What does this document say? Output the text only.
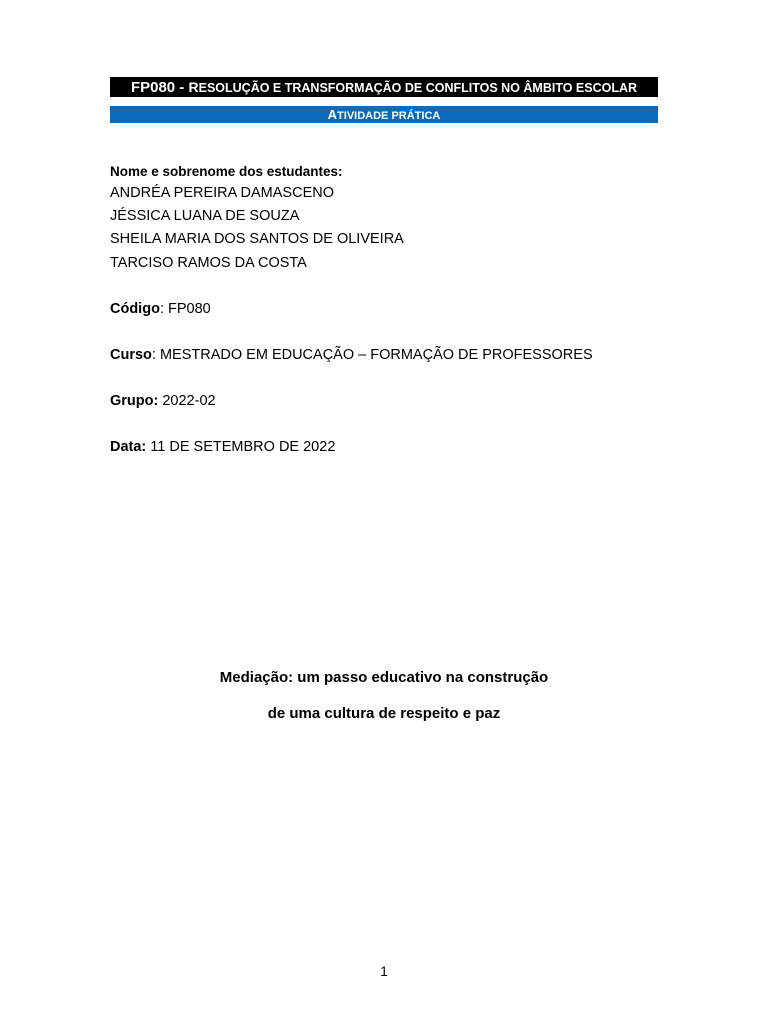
FP080 - RESOLUÇÃO E TRANSFORMAÇÃO DE CONFLITOS NO ÂMBITO ESCOLAR
ATIVIDADE PRÁTICA
Nome e sobrenome dos estudantes:
ANDRÉA PEREIRA DAMASCENO
JÉSSICA LUANA DE SOUZA
SHEILA MARIA DOS SANTOS DE OLIVEIRA
TARCISO RAMOS DA COSTA
Código: FP080
Curso: MESTRADO EM EDUCAÇÃO – FORMAÇÃO DE PROFESSORES
Grupo: 2022-02
Data: 11 DE SETEMBRO DE 2022
Mediação: um passo educativo na construção
de uma cultura de respeito e paz
1
